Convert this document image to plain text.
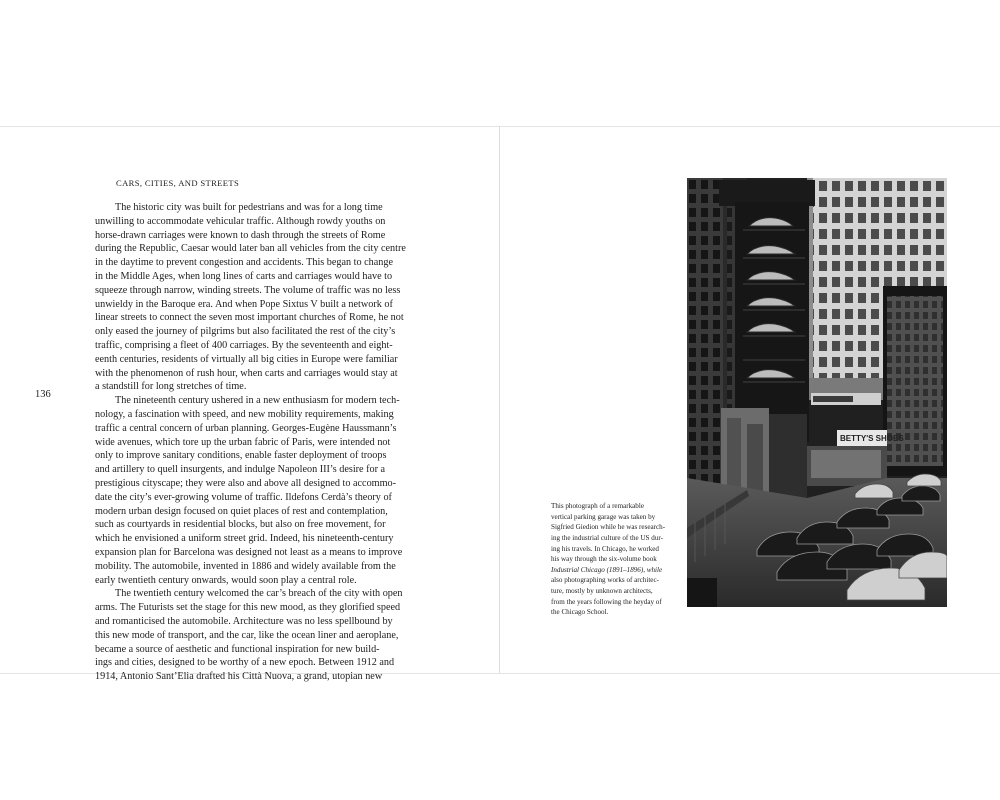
136
CARS, CITIES, AND STREETS
The historic city was built for pedestrians and was for a long time
unwilling to accommodate vehicular traffic. Although rowdy youths on
horse-drawn carriages were known to dash through the streets of Rome
during the Republic, Caesar would later ban all vehicles from the city centre
in the daytime to prevent congestion and accidents. This began to change
in the Middle Ages, when long lines of carts and carriages would have to
squeeze through narrow, winding streets. The volume of traffic was no less
unwieldy in the Baroque era. And when Pope Sixtus V built a network of
linear streets to connect the seven most important churches of Rome, he not
only eased the journey of pilgrims but also facilitated the rest of the city’s
traffic, comprising a fleet of 400 carriages. By the seventeenth and eight-
eenth centuries, residents of virtually all big cities in Europe were familiar
with the phenomenon of rush hour, when carts and carriages would stay at
a standstill for long stretches of time.
The nineteenth century ushered in a new enthusiasm for modern tech-
nology, a fascination with speed, and new mobility requirements, making
traffic a central concern of urban planning. Georges-Eugène Haussmann’s
wide avenues, which tore up the urban fabric of Paris, were intended not
only to improve sanitary conditions, enable faster deployment of troops
and artillery to quell insurgents, and indulge Napoleon III’s desire for a
prestigious cityscape; they were also and above all designed to accommo-
date the city’s ever-growing volume of traffic. Ildefons Cerdà’s theory of
modern urban design focused on quiet places of rest and contemplation,
such as courtyards in residential blocks, but also on free movement, for
which he envisioned a uniform street grid. Indeed, his nineteenth-century
expansion plan for Barcelona was designed not least as a means to improve
mobility. The automobile, invented in 1886 and widely available from the
early twentieth century onwards, would soon play a central role.
The twentieth century welcomed the car’s breach of the city with open
arms. The Futurists set the stage for this new mood, as they glorified speed
and romanticised the automobile. Architecture was no less spellbound by
this new mode of transport, and the car, like the ocean liner and aeroplane,
became a source of aesthetic and functional inspiration for new build-
ings and cities, designed to be worthy of a new epoch. Between 1912 and
1914, Antonio Sant’Elia drafted his Città Nuova, a grand, utopian new
This photograph of a remarkable
vertical parking garage was taken by
Sigfried Giedion while he was research-
ing the industrial culture of the US dur-
ing his travels. In Chicago, he worked
his way through the six-volume book
Industrial Chicago (1891–1896), while
also photographing works of architec-
ture, mostly by unknown architects,
from the years following the heyday of
the Chicago School.
BETTY'S SHOES
